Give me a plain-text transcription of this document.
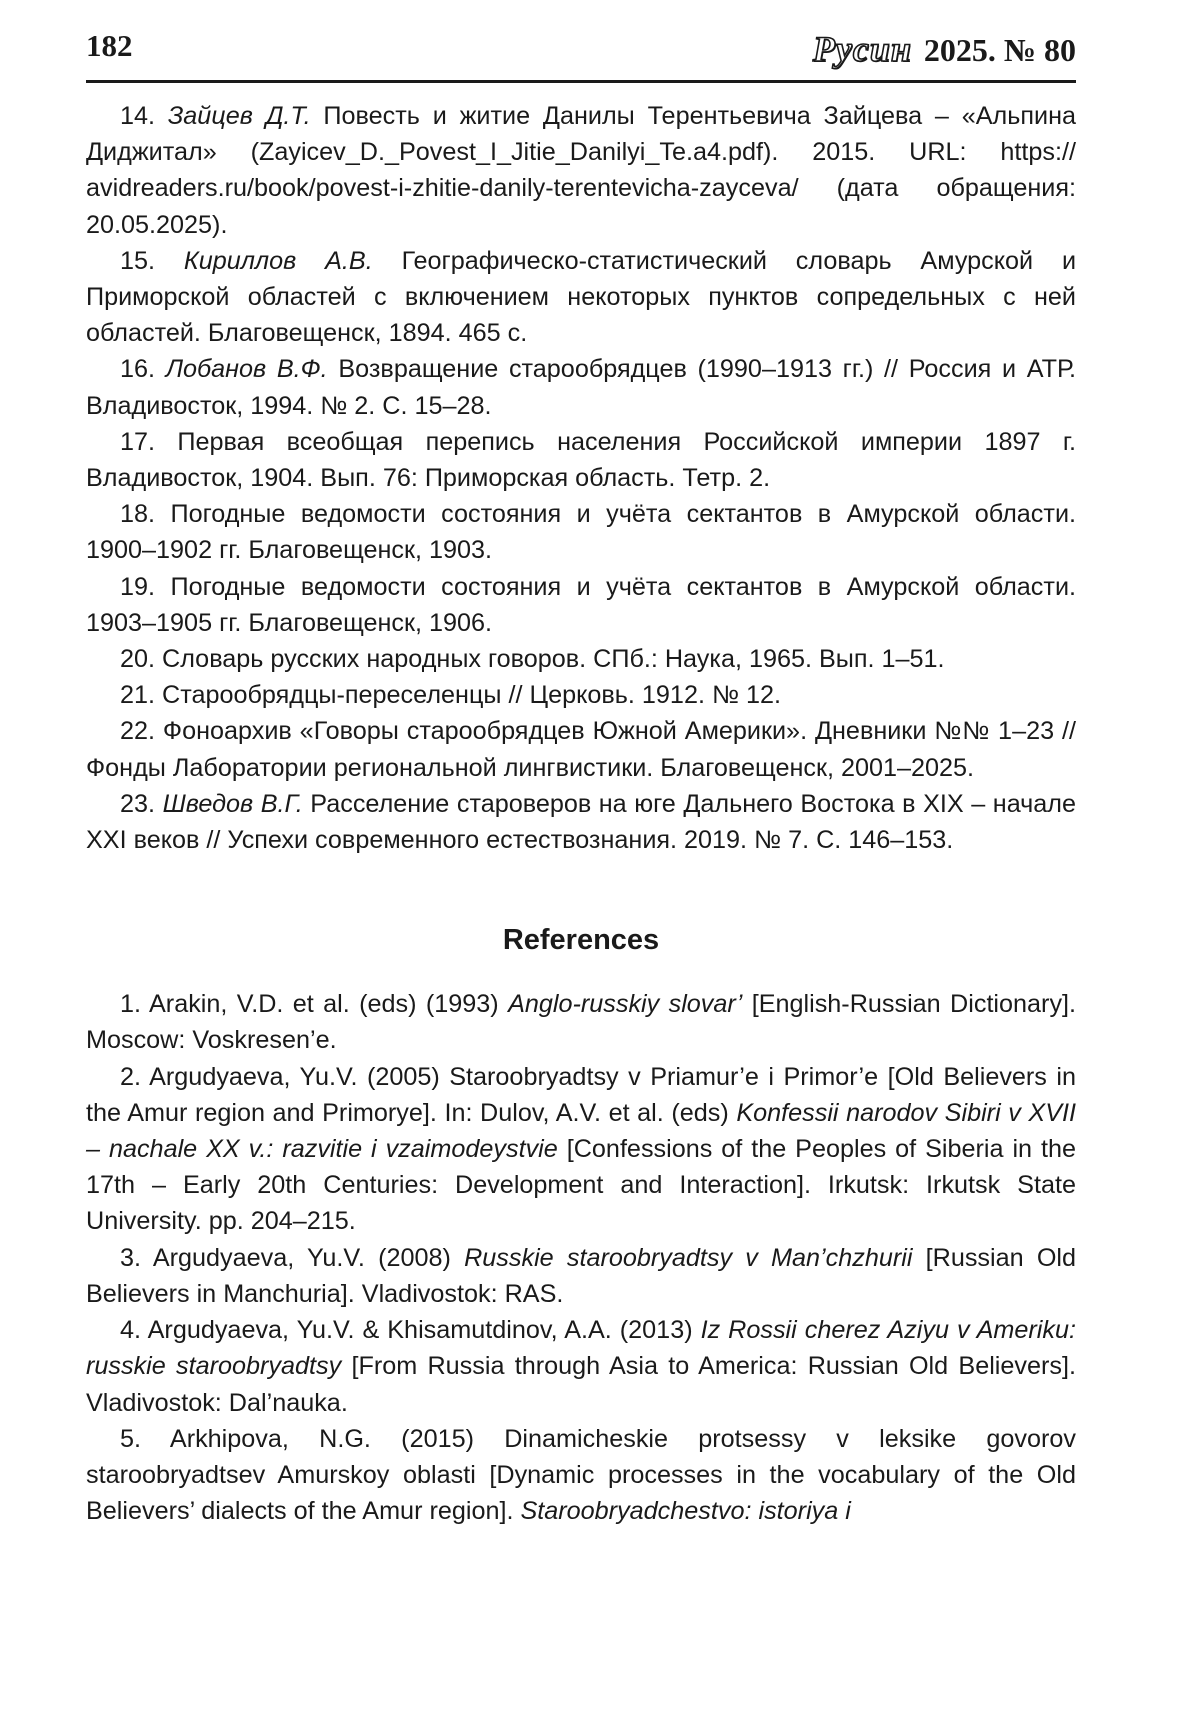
182	Русин 2025. № 80

14. Зайцев Д.Т. Повесть и житие Данилы Терентьевича Зайцева – «Альпина Диджитал» (Zayicev_D._Povest_I_Jitie_Danilyi_Te.a4.pdf). 2015. URL: https:// avidreaders.ru/book/povest-i-zhitie-danily-terentevicha-zayceva/ (дата обращения: 20.05.2025).

15. Кириллов А.В. Географическо-статистический словарь Амурской и Приморской областей с включением некоторых пунктов сопредельных с ней областей. Благовещенск, 1894. 465 с.

16. Лобанов В.Ф. Возвращение старообрядцев (1990–1913 гг.) // Россия и АТР. Владивосток, 1994. № 2. С. 15–28.

17. Первая всеобщая перепись населения Российской империи 1897 г. Владивосток, 1904. Вып. 76: Приморская область. Тетр. 2.

18. Погодные ведомости состояния и учёта сектантов в Амурской области. 1900–1902 гг. Благовещенск, 1903.

19. Погодные ведомости состояния и учёта сектантов в Амурской области. 1903–1905 гг. Благовещенск, 1906.

20. Словарь русских народных говоров. СПб.: Наука, 1965. Вып. 1–51.

21. Старообрядцы-переселенцы // Церковь. 1912. № 12.

22. Фоноархив «Говоры старообрядцев Южной Америки». Дневники №№ 1–23 // Фонды Лаборатории региональной лингвистики. Благовещенск, 2001–2025.

23. Шведов В.Г. Расселение староверов на юге Дальнего Востока в XIX – начале XXI веков // Успехи современного естествознания. 2019. № 7. С. 146–153.

References

1. Arakin, V.D. et al. (eds) (1993) Anglo-russkiy slovar’ [English-Russian Dictionary]. Moscow: Voskresen’e.

2. Argudyaeva, Yu.V. (2005) Staroobryadtsy v Priamur’e i Primor’e [Old Believers in the Amur region and Primorye]. In: Dulov, A.V. et al. (eds) Konfessii narodov Sibiri v XVII – nachale XX v.: razvitie i vzaimodeystvie [Confessions of the Peoples of Siberia in the 17th – Early 20th Centuries: Development and Interaction]. Irkutsk: Irkutsk State University. pp. 204–215.

3. Argudyaeva, Yu.V. (2008) Russkie staroobryadtsy v Man’chzhurii [Russian Old Believers in Manchuria]. Vladivostok: RAS.

4. Argudyaeva, Yu.V. & Khisamutdinov, A.A. (2013) Iz Rossii cherez Aziyu v Ameriku: russkie staroobryadtsy [From Russia through Asia to America: Russian Old Believers]. Vladivostok: Dal’nauka.

5. Arkhipova, N.G. (2015) Dinamicheskie protsessy v leksike govorov staroobryadtsev Amurskoy oblasti [Dynamic processes in the vocabulary of the Old Believers’ dialects of the Amur region]. Staroobryadchestvo: istoriya i
